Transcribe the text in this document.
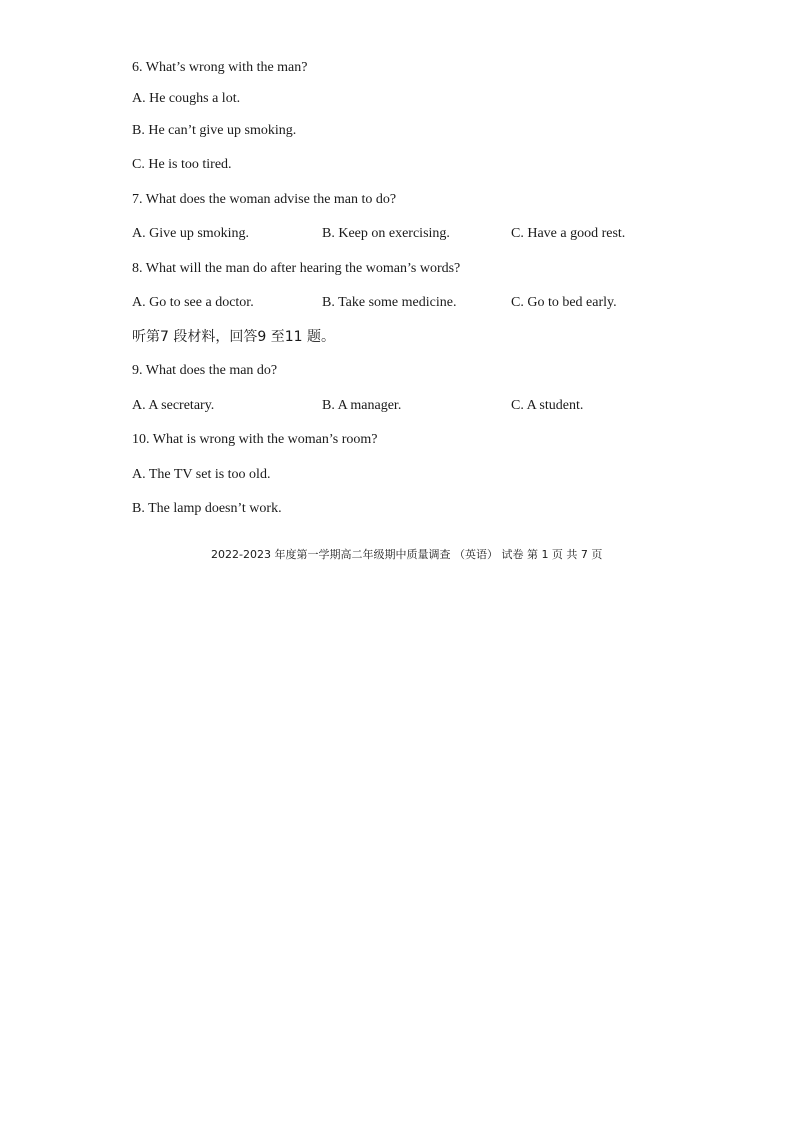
6. What’s wrong with the man?
A. He coughs a lot.
B. He can’t give up smoking.
C. He is too tired.
7. What does the woman advise the man to do?
A. Give up smoking.	B. Keep on exercising.	C. Have a good rest.
8. What will the man do after hearing the woman’s words?
A. Go to see a doctor.	B. Take some medicine.	C. Go to bed early.
听第7 段材料，回答9 至11 题。
9. What does the man do?
A. A secretary.	B. A manager.	C. A student.
10. What is wrong with the woman’s room?
A. The TV set is too old.
B. The lamp doesn’t work.
2022-2023 年度第一学期高二年级期中质量调查 （英语） 试卷 第 1 页 共 7 页
